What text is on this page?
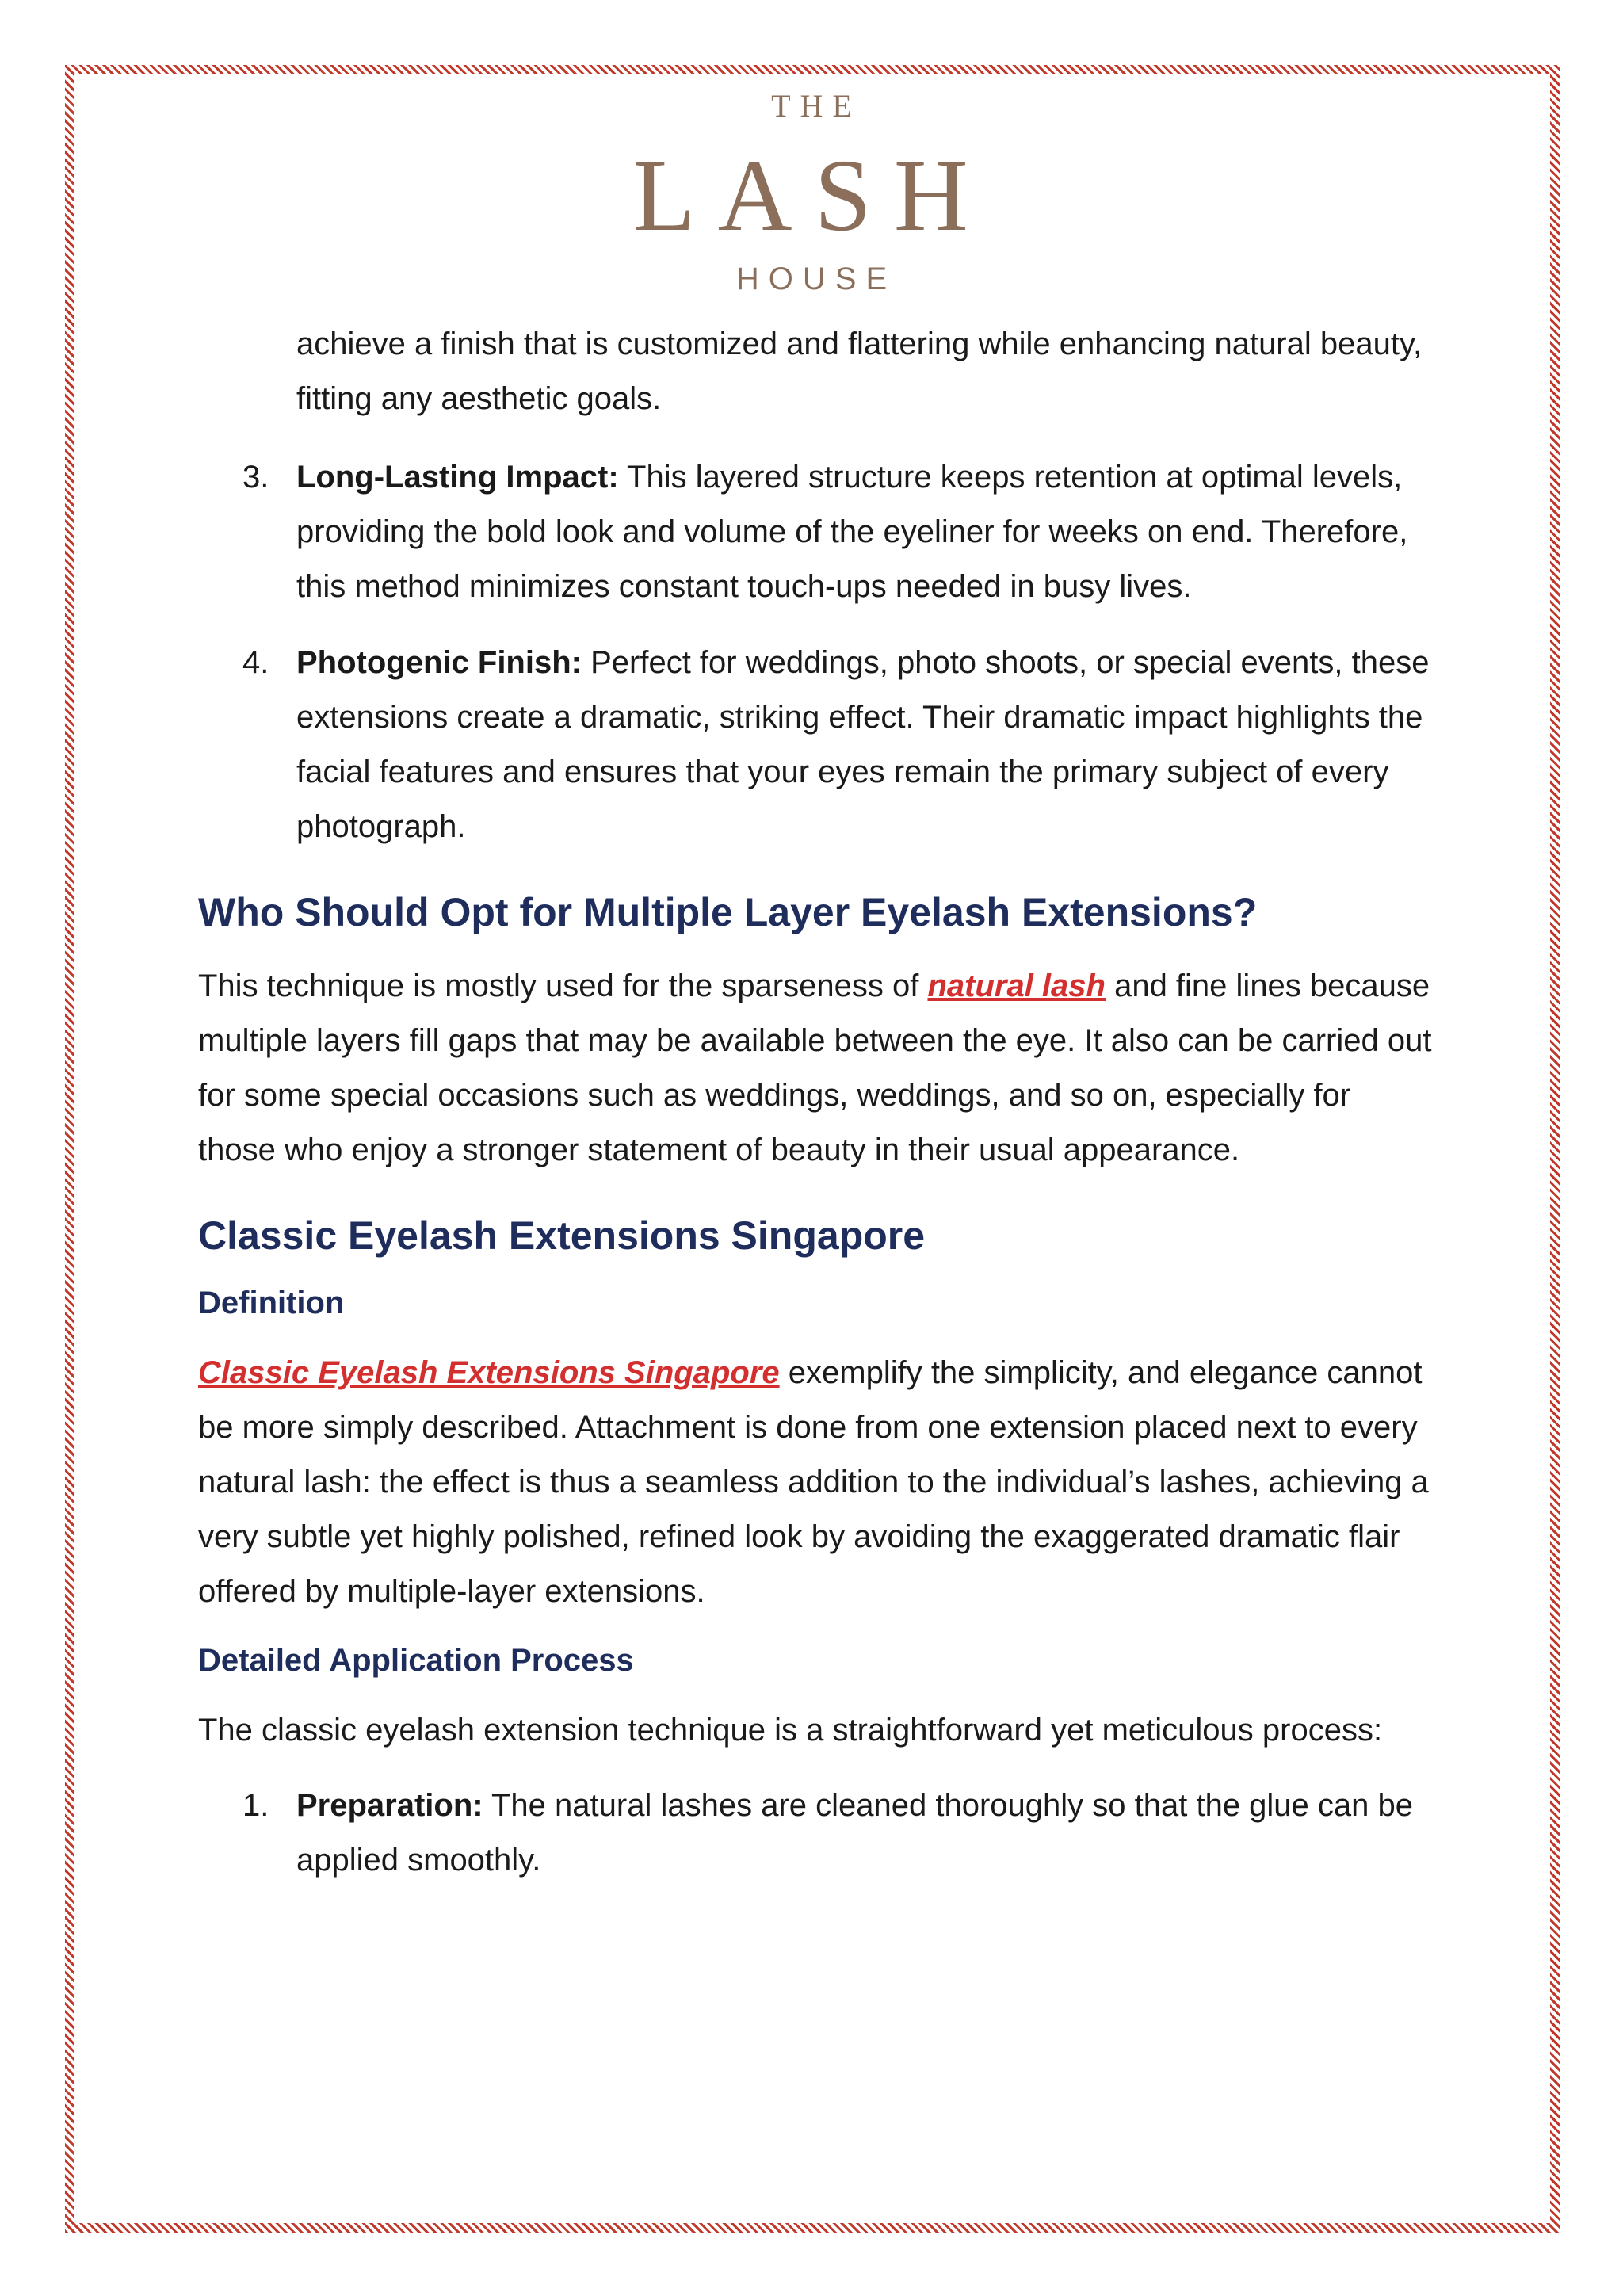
THE
LASH
HOUSE

achieve a finish that is customized and flattering while enhancing natural beauty, fitting any aesthetic goals.

3. Long-Lasting Impact: This layered structure keeps retention at optimal levels, providing the bold look and volume of the eyeliner for weeks on end. Therefore, this method minimizes constant touch-ups needed in busy lives.
4. Photogenic Finish: Perfect for weddings, photo shoots, or special events, these extensions create a dramatic, striking effect. Their dramatic impact highlights the facial features and ensures that your eyes remain the primary subject of every photograph.
Who Should Opt for Multiple Layer Eyelash Extensions?

This technique is mostly used for the sparseness of natural lash and fine lines because multiple layers fill gaps that may be available between the eye. It also can be carried out for some special occasions such as weddings, weddings, and so on, especially for those who enjoy a stronger statement of beauty in their usual appearance.

Classic Eyelash Extensions Singapore
Definition

Classic Eyelash Extensions Singapore exemplify the simplicity, and elegance cannot be more simply described. Attachment is done from one extension placed next to every natural lash: the effect is thus a seamless addition to the individual’s lashes, achieving a very subtle yet highly polished, refined look by avoiding the exaggerated dramatic flair offered by multiple-layer extensions.

Detailed Application Process

The classic eyelash extension technique is a straightforward yet meticulous process:

1. Preparation: The natural lashes are cleaned thoroughly so that the glue can be applied smoothly.
